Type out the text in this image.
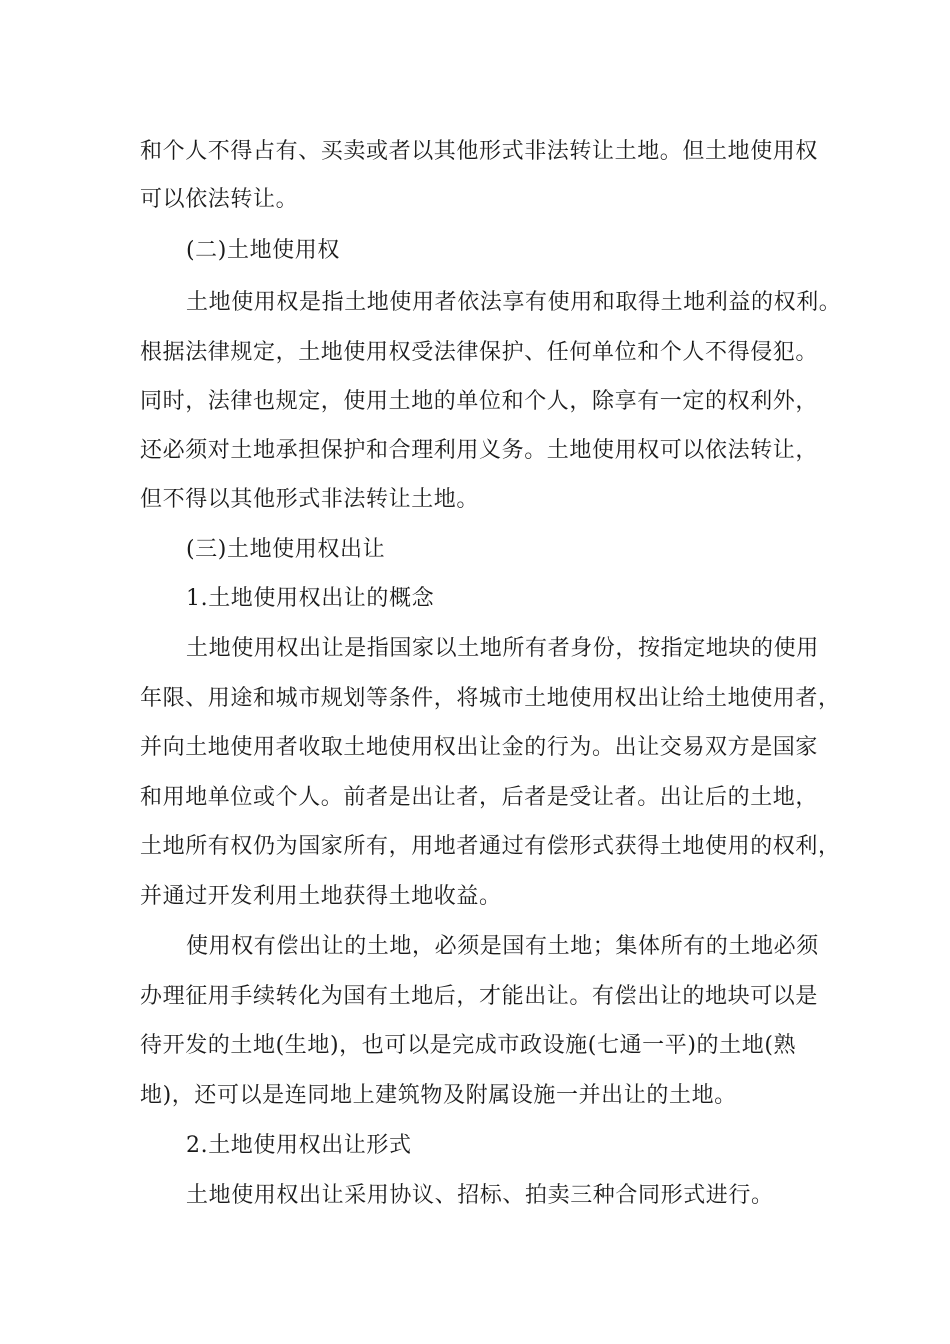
和个人不得占有、买卖或者以其他形式非法转让土地。但土地使用权
可以依法转让。
(二)土地使用权
土地使用权是指土地使用者依法享有使用和取得土地利益的权利。
根据法律规定，土地使用权受法律保护、任何单位和个人不得侵犯。
同时，法律也规定，使用土地的单位和个人，除享有一定的权利外，
还必须对土地承担保护和合理利用义务。土地使用权可以依法转让，
但不得以其他形式非法转让土地。
(三)土地使用权出让
1.土地使用权出让的概念
土地使用权出让是指国家以土地所有者身份，按指定地块的使用
年限、用途和城市规划等条件，将城市土地使用权出让给土地使用者，
并向土地使用者收取土地使用权出让金的行为。出让交易双方是国家
和用地单位或个人。前者是出让者，后者是受让者。出让后的土地，
土地所有权仍为国家所有，用地者通过有偿形式获得土地使用的权利，
并通过开发利用土地获得土地收益。
使用权有偿出让的土地，必须是国有土地；集体所有的土地必须
办理征用手续转化为国有土地后，才能出让。有偿出让的地块可以是
待开发的土地(生地)，也可以是完成市政设施(七通一平)的土地(熟
地)，还可以是连同地上建筑物及附属设施一并出让的土地。
2.土地使用权出让形式
土地使用权出让采用协议、招标、拍卖三种合同形式进行。
